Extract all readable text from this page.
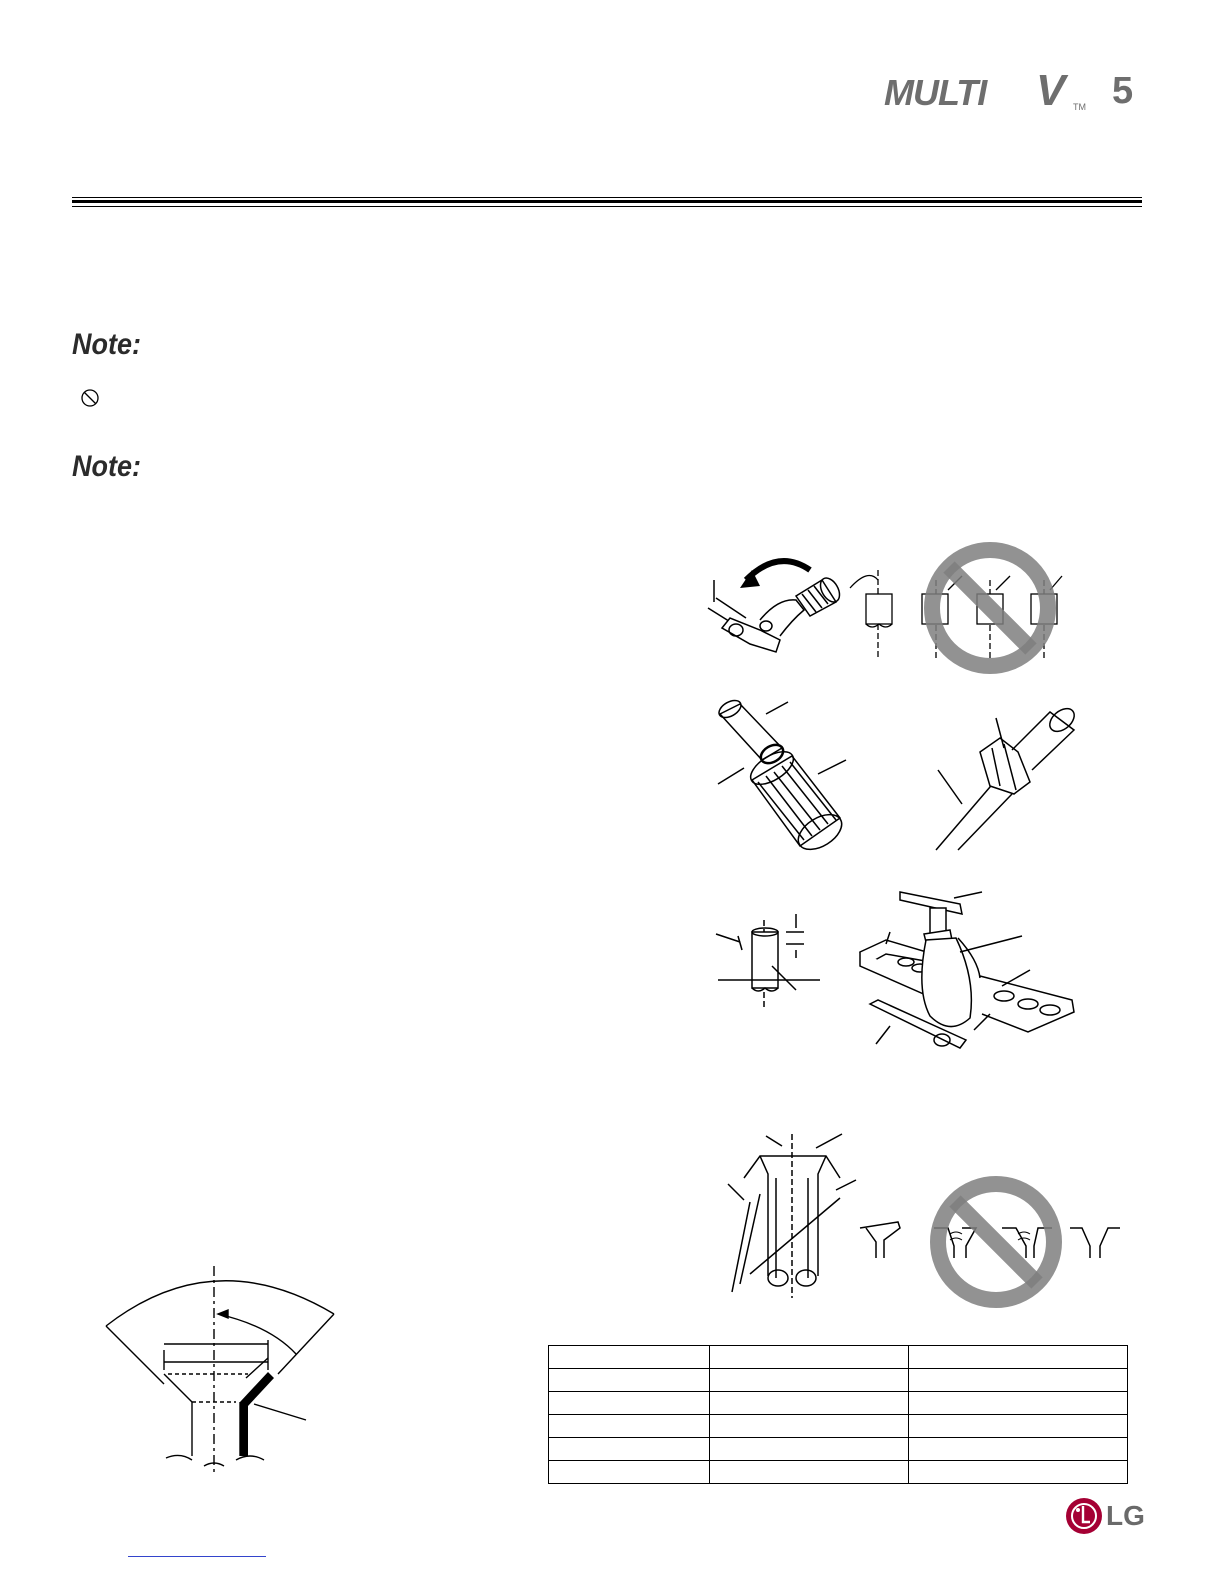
MULTI V TM 5
Note:
Note:

LG
